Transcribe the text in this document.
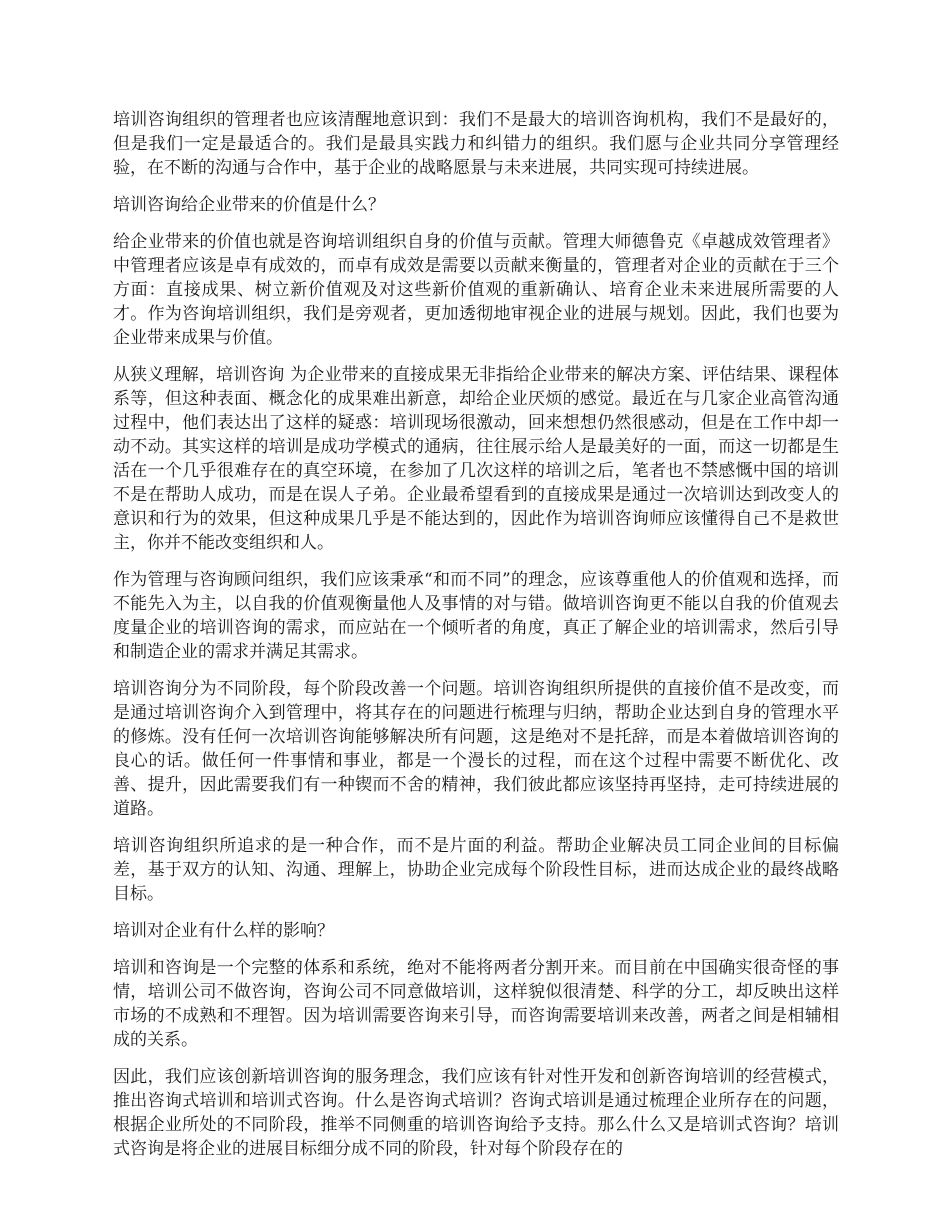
培训咨询组织的管理者也应该清醒地意识到：我们不是最大的培训咨询机构，我们不是最好的，但是我们一定是最适合的。我们是最具实践力和纠错力的组织。我们愿与企业共同分享管理经验，在不断的沟通与合作中，基于企业的战略愿景与未来进展，共同实现可持续进展。

培训咨询给企业带来的价值是什么？

给企业带来的价值也就是咨询培训组织自身的价值与贡献。管理大师德鲁克《卓越成效管理者》中管理者应该是卓有成效的，而卓有成效是需要以贡献来衡量的，管理者对企业的贡献在于三个方面：直接成果、树立新价值观及对这些新价值观的重新确认、培育企业未来进展所需要的人才。作为咨询培训组织，我们是旁观者，更加透彻地审视企业的进展与规划。因此，我们也要为企业带来成果与价值。

从狭义理解，培训咨询 为企业带来的直接成果无非指给企业带来的解决方案、评估结果、课程体系等，但这种表面、概念化的成果难出新意，却给企业厌烦的感觉。最近在与几家企业高管沟通过程中，他们表达出了这样的疑惑：培训现场很激动，回来想想仍然很感动，但是在工作中却一动不动。其实这样的培训是成功学模式的通病，往往展示给人是最美好的一面，而这一切都是生活在一个几乎很难存在的真空环境，在参加了几次这样的培训之后，笔者也不禁感慨中国的培训不是在帮助人成功，而是在误人子弟。企业最希望看到的直接成果是通过一次培训达到改变人的意识和行为的效果，但这种成果几乎是不能达到的，因此作为培训咨询师应该懂得自己不是救世主，你并不能改变组织和人。

作为管理与咨询顾问组织，我们应该秉承“和而不同”的理念，应该尊重他人的价值观和选择，而不能先入为主，以自我的价值观衡量他人及事情的对与错。做培训咨询更不能以自我的价值观去度量企业的培训咨询的需求，而应站在一个倾听者的角度，真正了解企业的培训需求，然后引导和制造企业的需求并满足其需求。

培训咨询分为不同阶段，每个阶段改善一个问题。培训咨询组织所提供的直接价值不是改变，而是通过培训咨询介入到管理中，将其存在的问题进行梳理与归纳，帮助企业达到自身的管理水平的修炼。没有任何一次培训咨询能够解决所有问题，这是绝对不是托辞，而是本着做培训咨询的良心的话。做任何一件事情和事业，都是一个漫长的过程，而在这个过程中需要不断优化、改善、提升，因此需要我们有一种锲而不舍的精神，我们彼此都应该坚持再坚持，走可持续进展的道路。

培训咨询组织所追求的是一种合作，而不是片面的利益。帮助企业解决员工同企业间的目标偏差，基于双方的认知、沟通、理解上，协助企业完成每个阶段性目标，进而达成企业的最终战略目标。

培训对企业有什么样的影响？

培训和咨询是一个完整的体系和系统，绝对不能将两者分割开来。而目前在中国确实很奇怪的事情，培训公司不做咨询，咨询公司不同意做培训，这样貌似很清楚、科学的分工，却反映出这样市场的不成熟和不理智。因为培训需要咨询来引导，而咨询需要培训来改善，两者之间是相辅相成的关系。

因此，我们应该创新培训咨询的服务理念，我们应该有针对性开发和创新咨询培训的经营模式，推出咨询式培训和培训式咨询。什么是咨询式培训？咨询式培训是通过梳理企业所存在的问题，根据企业所处的不同阶段，推举不同侧重的培训咨询给予支持。那么什么又是培训式咨询？培训式咨询是将企业的进展目标细分成不同的阶段，针对每个阶段存在的
